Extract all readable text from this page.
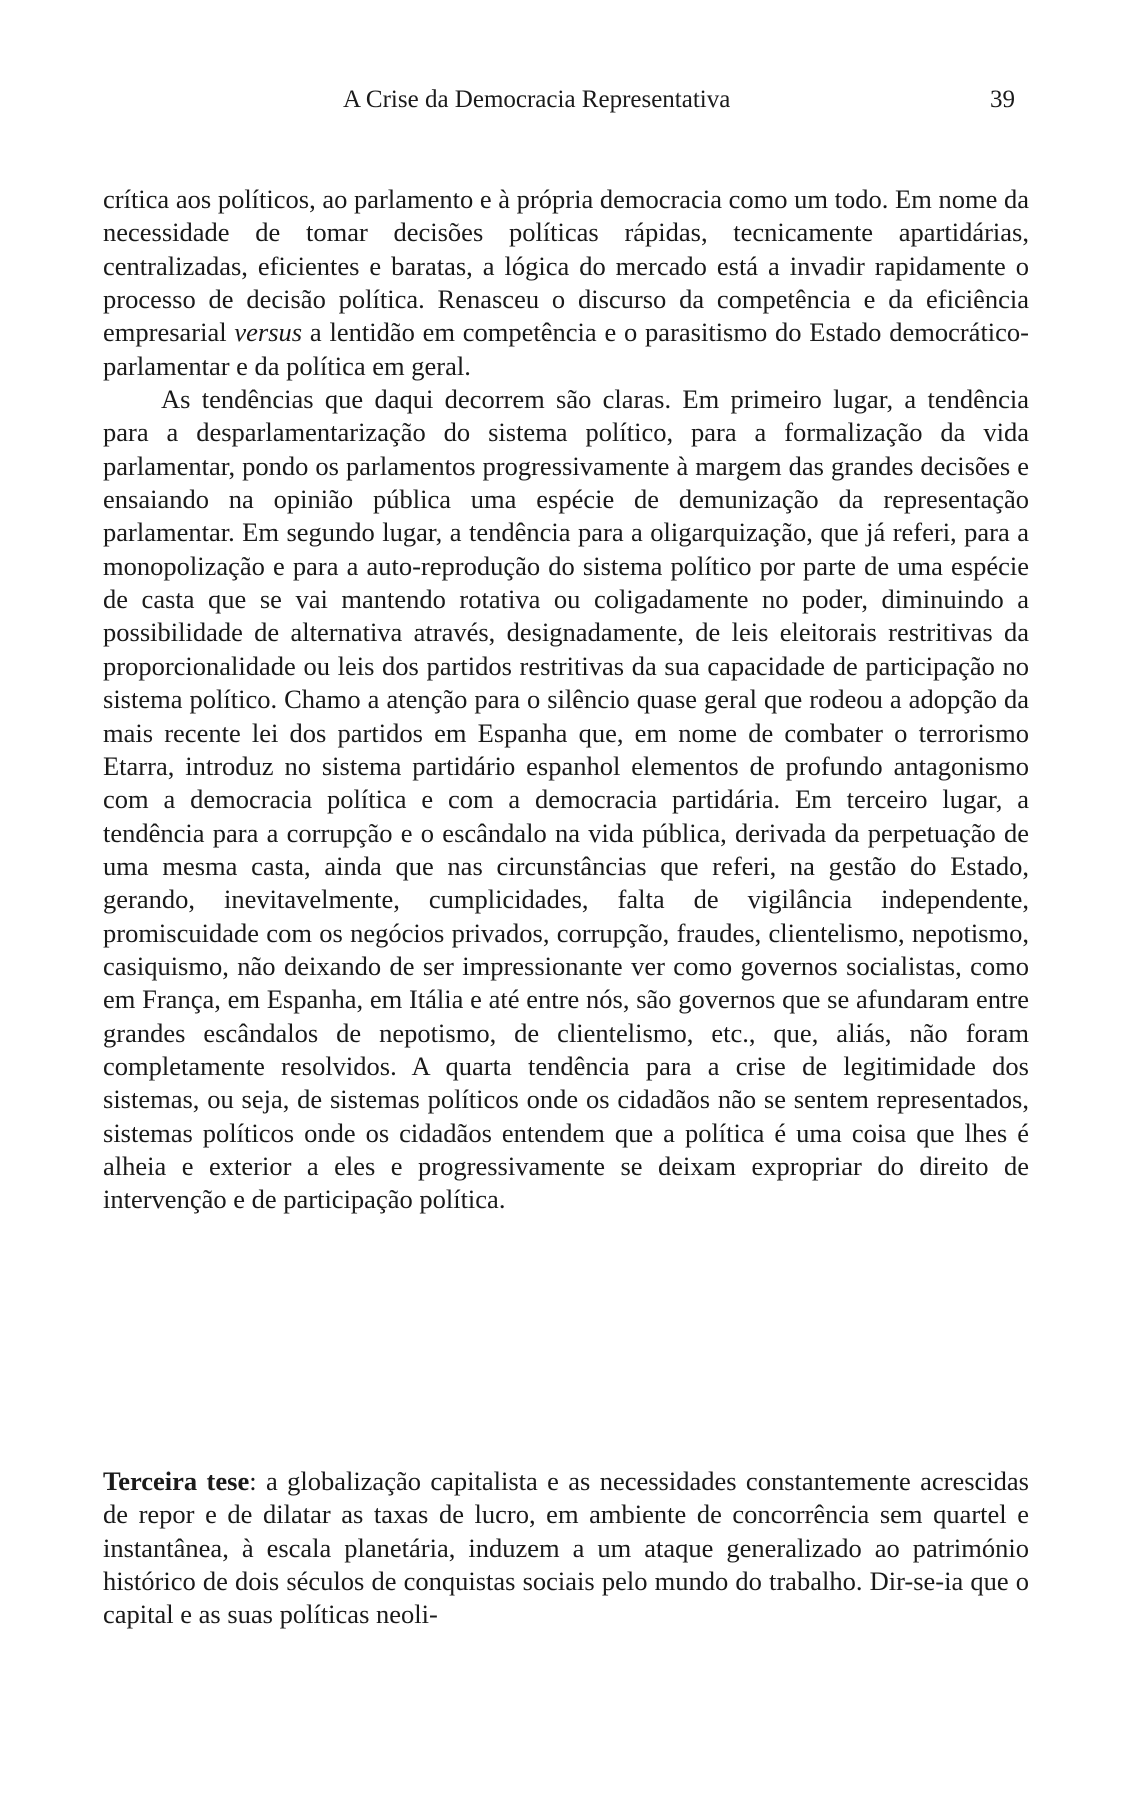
A Crise da Democracia Representativa	39

crítica aos políticos, ao parlamento e à própria democracia como um todo. Em nome da necessidade de tomar decisões políticas rápidas, tecnicamente apartidárias, centralizadas, eficientes e baratas, a lógica do mercado está a invadir rapidamente o processo de decisão política. Renasceu o discurso da competência e da eficiência empresarial versus a lentidão em competência e o parasitismo do Estado democrático-parlamentar e da política em geral.

As tendências que daqui decorrem são claras. Em primeiro lugar, a tendência para a desparlamentarização do sistema político, para a formalização da vida parlamentar, pondo os parlamentos progressivamente à margem das grandes decisões e ensaiando na opinião pública uma espécie de demunização da representação parlamentar. Em segundo lugar, a tendência para a oligarquização, que já referi, para a monopolização e para a auto-reprodução do sistema político por parte de uma espécie de casta que se vai mantendo rotativa ou coligadamente no poder, diminuindo a possibilidade de alternativa através, designadamente, de leis eleitorais restritivas da proporcionalidade ou leis dos partidos restritivas da sua capacidade de participação no sistema político. Chamo a atenção para o silêncio quase geral que rodeou a adopção da mais recente lei dos partidos em Espanha que, em nome de combater o terrorismo Etarra, introduz no sistema partidário espanhol elementos de profundo antagonismo com a democracia política e com a democracia partidária. Em terceiro lugar, a tendência para a corrupção e o escândalo na vida pública, derivada da perpetuação de uma mesma casta, ainda que nas circunstâncias que referi, na gestão do Estado, gerando, inevitavelmente, cumplicidades, falta de vigilância independente, promiscuidade com os negócios privados, corrupção, fraudes, clientelismo, nepotismo, casiquismo, não deixando de ser impressionante ver como governos socialistas, como em França, em Espanha, em Itália e até entre nós, são governos que se afundaram entre grandes escândalos de nepotismo, de clientelismo, etc., que, aliás, não foram completamente resolvidos. A quarta tendência para a crise de legitimidade dos sistemas, ou seja, de sistemas políticos onde os cidadãos não se sentem representados, sistemas políticos onde os cidadãos entendem que a política é uma coisa que lhes é alheia e exterior a eles e progressivamente se deixam expropriar do direito de intervenção e de participação política.

Terceira tese: a globalização capitalista e as necessidades constantemente acrescidas de repor e de dilatar as taxas de lucro, em ambiente de concorrência sem quartel e instantânea, à escala planetária, induzem a um ataque generalizado ao património histórico de dois séculos de conquistas sociais pelo mundo do trabalho. Dir-se-ia que o capital e as suas políticas neoli-
